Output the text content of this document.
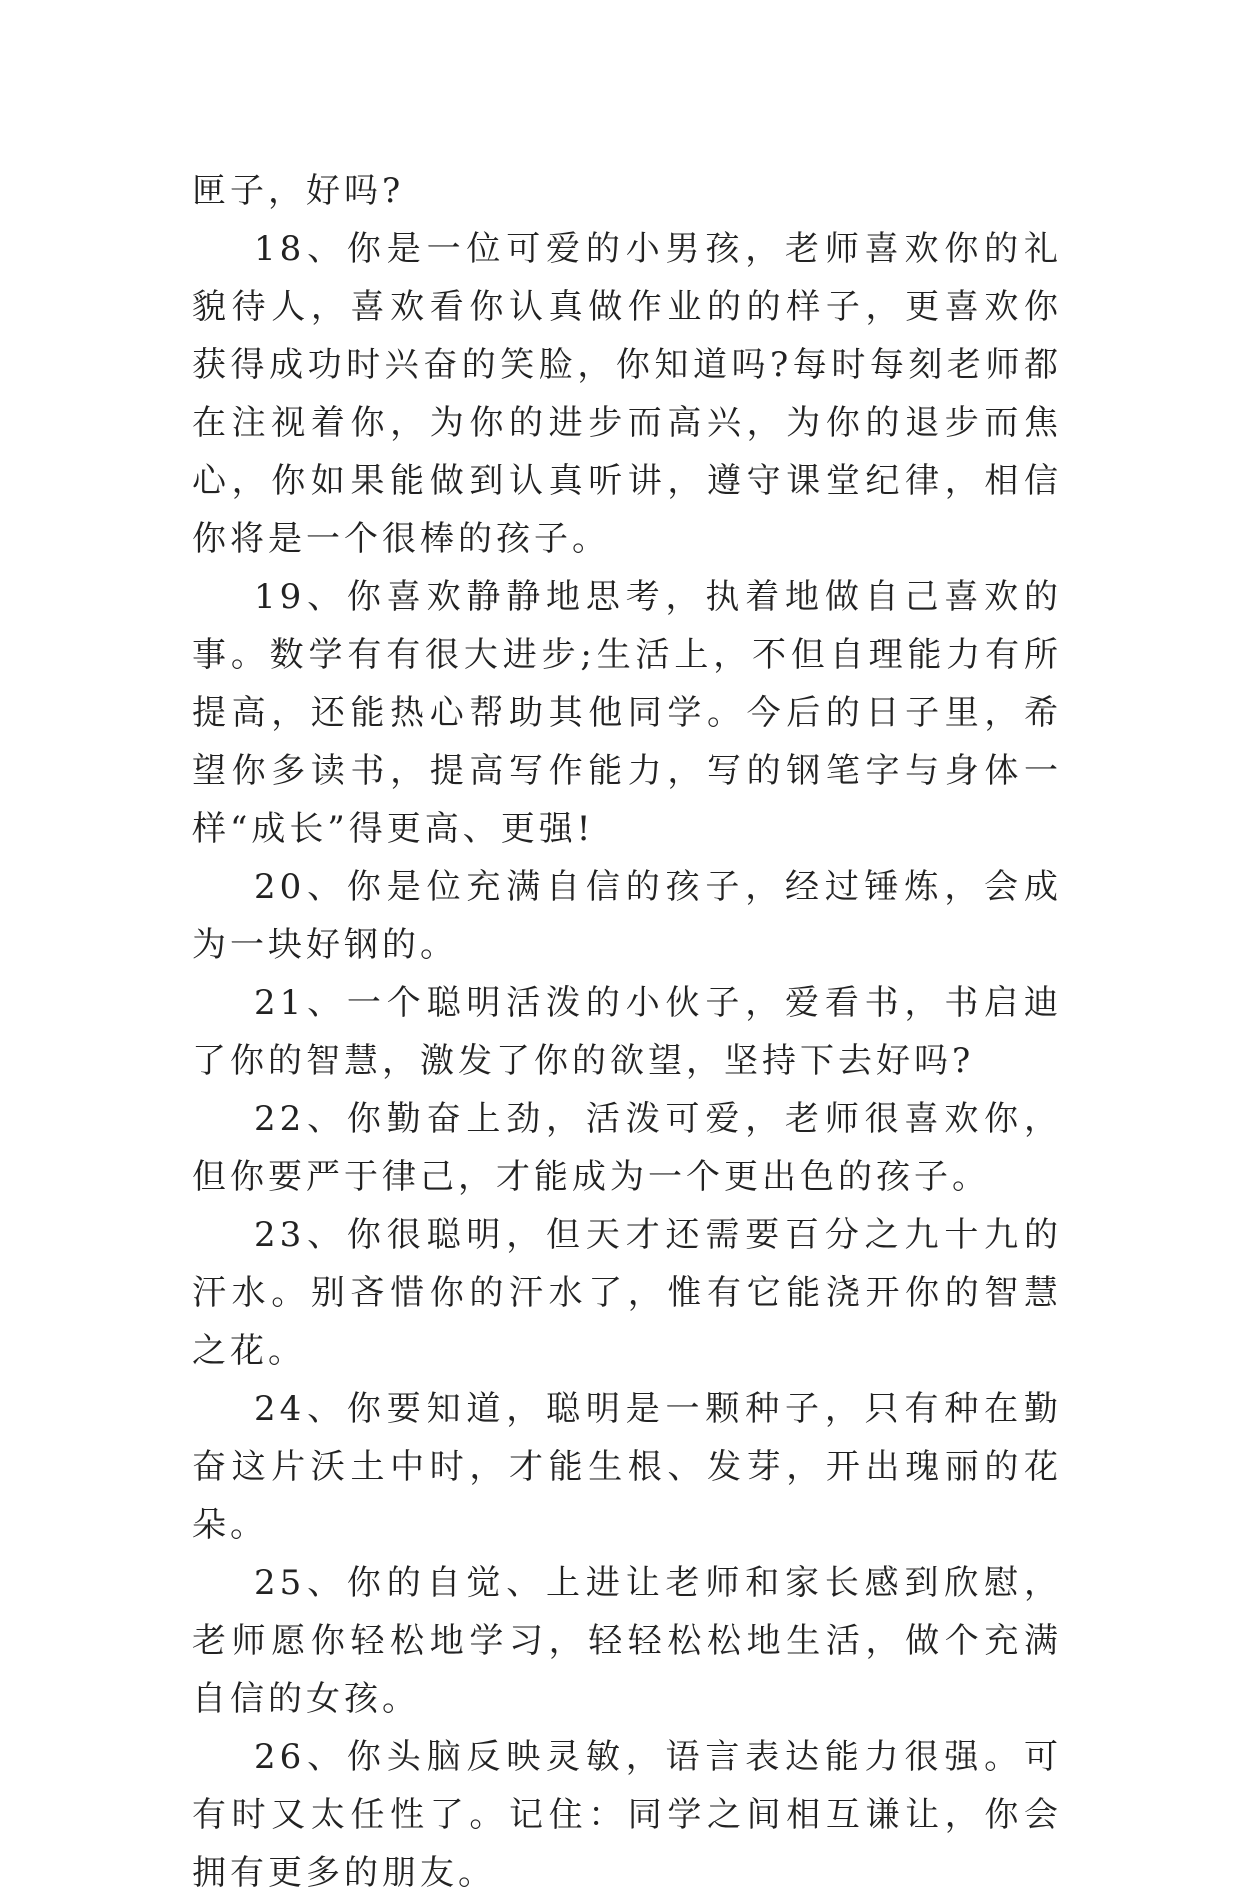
匣子，好吗?

18、你是一位可爱的小男孩，老师喜欢你的礼貌待人，喜欢看你认真做作业的的样子，更喜欢你获得成功时兴奋的笑脸，你知道吗?每时每刻老师都在注视着你，为你的进步而高兴，为你的退步而焦心，你如果能做到认真听讲，遵守课堂纪律，相信你将是一个很棒的孩子。

19、你喜欢静静地思考，执着地做自己喜欢的事。数学有有很大进步;生活上，不但自理能力有所提高，还能热心帮助其他同学。今后的日子里，希望你多读书，提高写作能力，写的钢笔字与身体一样“成长”得更高、更强!

20、你是位充满自信的孩子，经过锤炼，会成为一块好钢的。

21、一个聪明活泼的小伙子，爱看书，书启迪了你的智慧，激发了你的欲望，坚持下去好吗?

22、你勤奋上劲，活泼可爱，老师很喜欢你，但你要严于律己，才能成为一个更出色的孩子。

23、你很聪明，但天才还需要百分之九十九的汗水。别吝惜你的汗水了，惟有它能浇开你的智慧之花。

24、你要知道，聪明是一颗种子，只有种在勤奋这片沃土中时，才能生根、发芽，开出瑰丽的花朵。

25、你的自觉、上进让老师和家长感到欣慰，老师愿你轻松地学习，轻轻松松地生活，做个充满自信的女孩。

26、你头脑反映灵敏，语言表达能力很强。可有时又太任性了。记住：同学之间相互谦让，你会拥有更多的朋友。
